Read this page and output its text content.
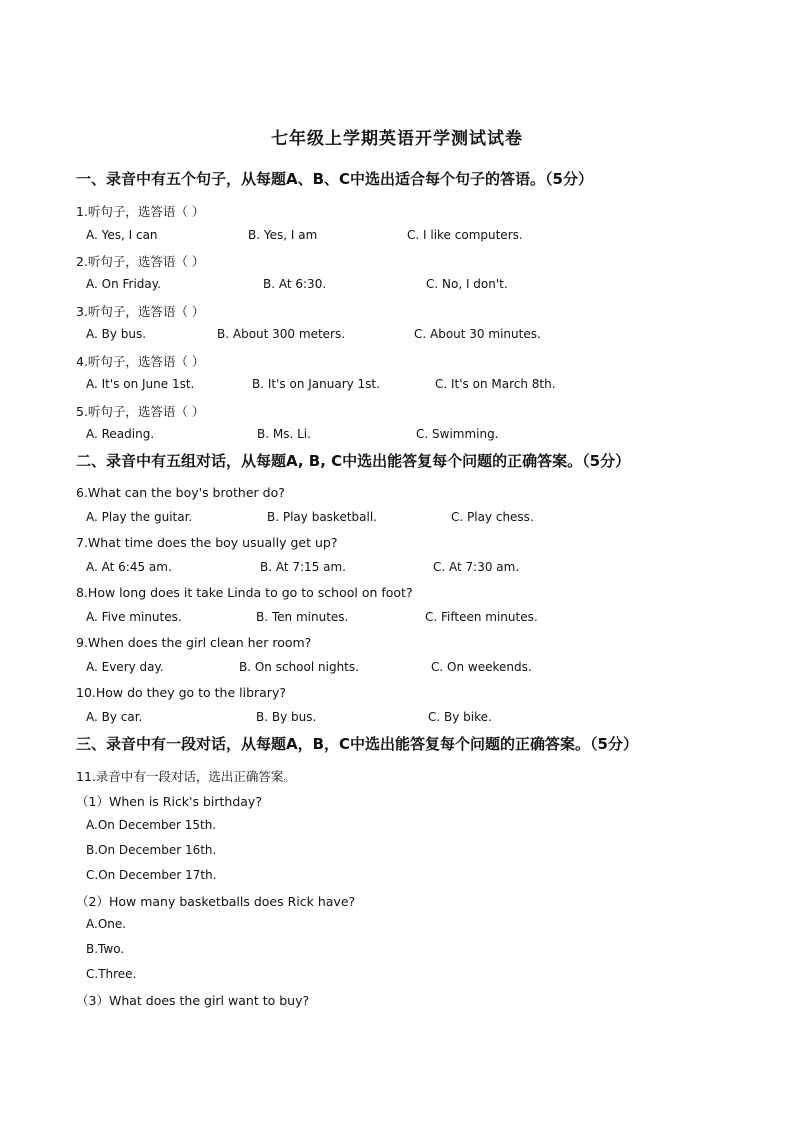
七年级上学期英语开学测试试卷
一、录音中有五个句子，从每题A、B、C中选出适合每个句子的答语。（5分）
1.听句子，选答语（ ）
A. Yes, I can	B. Yes, I am	C. I like computers.
2.听句子，选答语（ ）
A. On Friday.	B. At 6:30.	C. No, I don't.
3.听句子，选答语（ ）
A. By bus.	B. About 300 meters.	C. About 30 minutes.
4.听句子，选答语（ ）
A. It's on June 1st.	B. It's on January 1st.	C. It's on March 8th.
5.听句子，选答语（ ）
A. Reading.	B. Ms. Li.	C. Swimming.
二、录音中有五组对话，从每题A, B, C中选出能答复每个问题的正确答案。（5分）
6.What can the boy's brother do?
A. Play the guitar.	B. Play basketball.	C. Play chess.
7.What time does the boy usually get up?
A. At 6:45 am.	B. At 7:15 am.	C. At 7:30 am.
8.How long does it take Linda to go to school on foot?
A. Five minutes.	B. Ten minutes.	C. Fifteen minutes.
9.When does the girl clean her room?
A. Every day.	B. On school nights.	C. On weekends.
10.How do they go to the library?
A. By car.	B. By bus.	C. By bike.
三、录音中有一段对话，从每题A，B，C中选出能答复每个问题的正确答案。（5分）
11.录音中有一段对话，选出正确答案。
（1）When is Rick's birthday?
A.On December 15th.
B.On December 16th.
C.On December 17th.
（2）How many basketballs does Rick have?
A.One.
B.Two.
C.Three.
（3）What does the girl want to buy?
